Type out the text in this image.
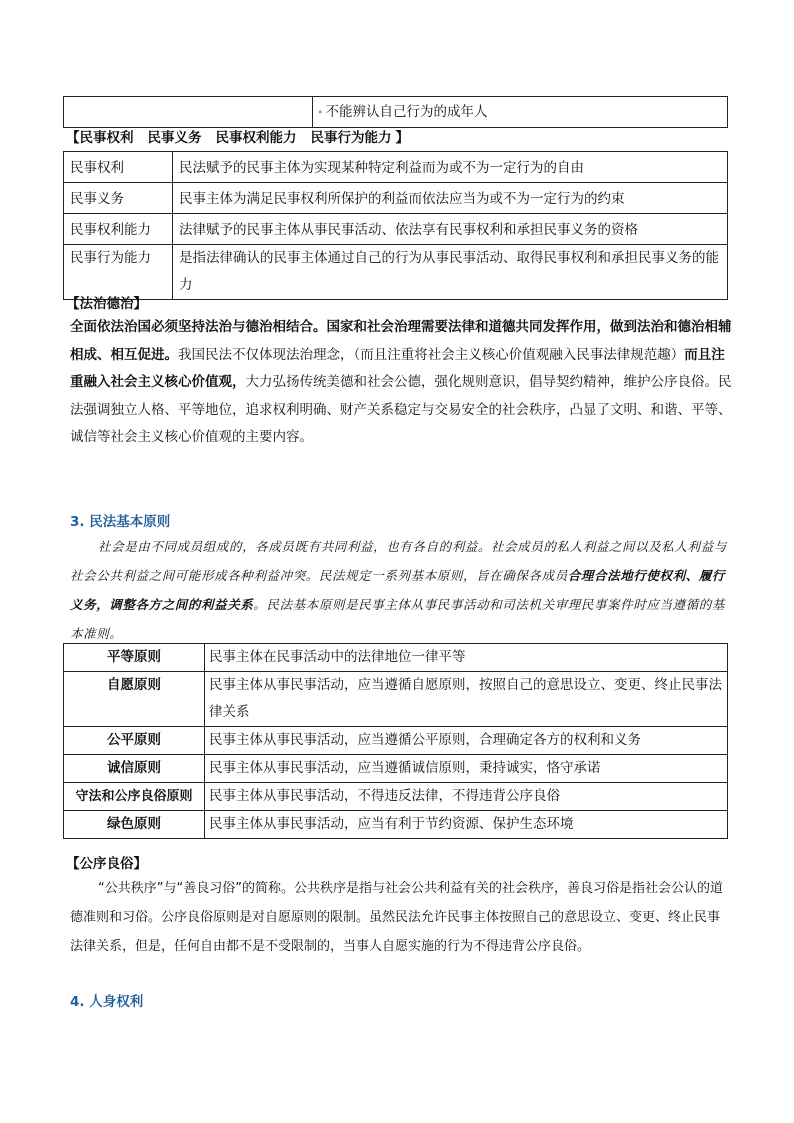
	• 不能辨认自己行为的成年人
【民事权利 民事义务 民事权利能力 民事行为能力 】
民事权利	民法赋予的民事主体为实现某种特定利益而为或不为一定行为的自由
民事义务	民事主体为满足民事权利所保护的利益而依法应当为或不为一定行为的约束
民事权利能力	法律赋予的民事主体从事民事活动、依法享有民事权利和承担民事义务的资格
民事行为能力	是指法律确认的民事主体通过自己的行为从事民事活动、取得民事权利和承担民事义务的能力
【法治德治】
全面依法治国必须坚持法治与德治相结合。国家和社会治理需要法律和道德共同发挥作用，做到法治和德治相辅相成、相互促进。我国民法不仅体现法治理念，（而且注重将社会主义核心价值观融入民事法律规范趣）而且注重融入社会主义核心价值观，大力弘扬传统美德和社会公德，强化规则意识，倡导契约精神，维护公序良俗。民法强调独立人格、平等地位，追求权利明确、财产关系稳定与交易安全的社会秩序，凸显了文明、和谐、平等、诚信等社会主义核心价值观的主要内容。
3. 民法基本原则
社会是由不同成员组成的，各成员既有共同利益，也有各自的利益。社会成员的私人利益之间以及私人利益与社会公共利益之间可能形成各种利益冲突。民法规定一系列基本原则，旨在确保各成员合理合法地行使权利、履行义务，调整各方之间的利益关系。民法基本原则是民事主体从事民事活动和司法机关审理民事案件时应当遵循的基本准则。
平等原则	民事主体在民事活动中的法律地位一律平等
自愿原则	民事主体从事民事活动，应当遵循自愿原则，按照自己的意思设立、变更、终止民事法律关系
公平原则	民事主体从事民事活动，应当遵循公平原则，合理确定各方的权利和义务
诚信原则	民事主体从事民事活动，应当遵循诚信原则，秉持诚实，恪守承诺
守法和公序良俗原则	民事主体从事民事活动，不得违反法律，不得违背公序良俗
绿色原则	民事主体从事民事活动，应当有利于节约资源、保护生态环境
【公序良俗】
“公共秩序”与“善良习俗”的简称。公共秩序是指与社会公共利益有关的社会秩序，善良习俗是指社会公认的道德准则和习俗。公序良俗原则是对自愿原则的限制。虽然民法允许民事主体按照自己的意思设立、变更、终止民事法律关系，但是，任何自由都不是不受限制的，当事人自愿实施的行为不得违背公序良俗。
4. 人身权利
